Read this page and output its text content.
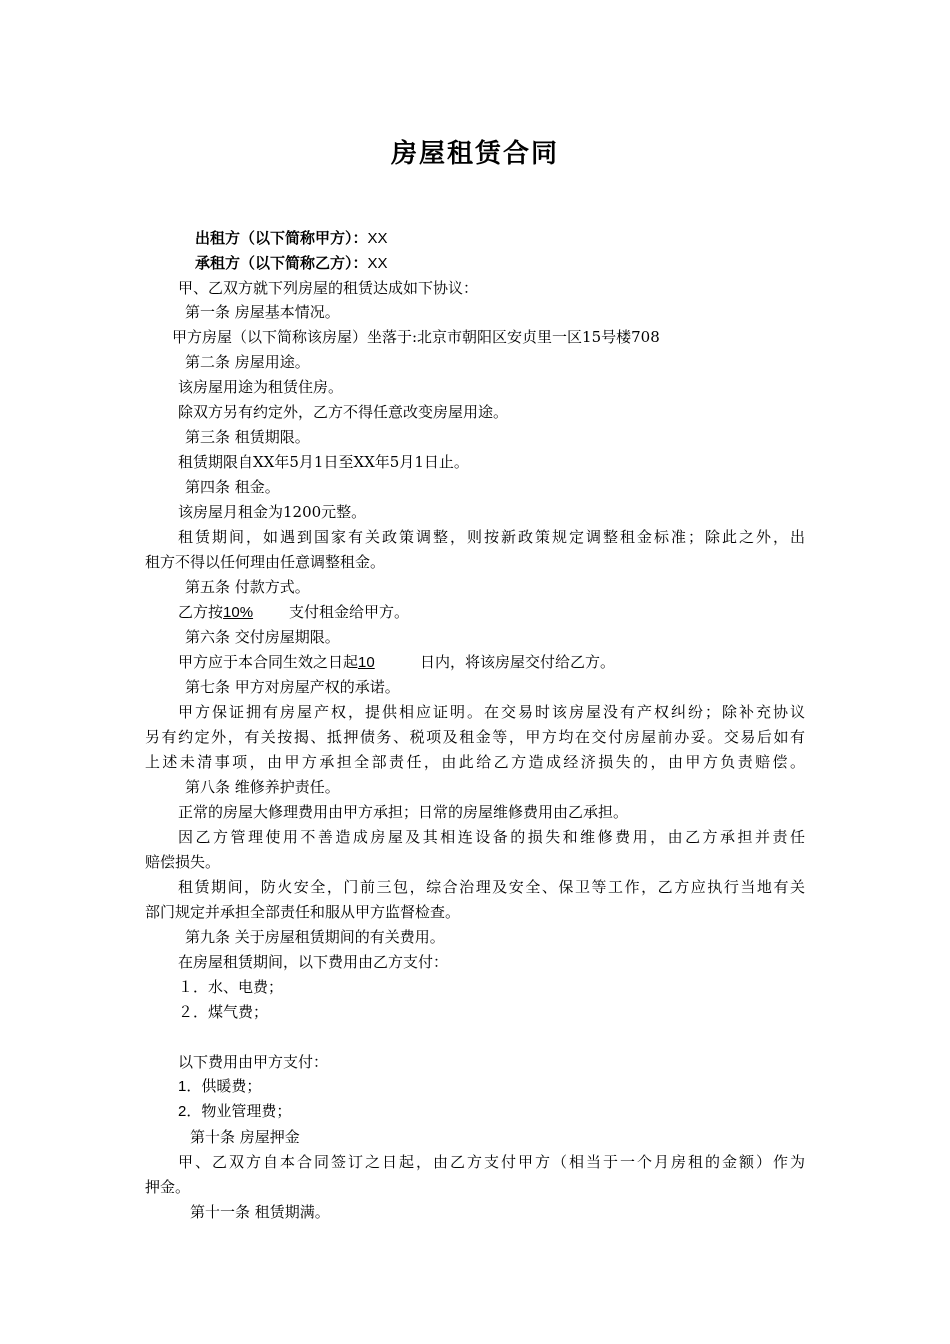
房屋租赁合同
出租方（以下简称甲方）：XX
承租方（以下简称乙方）：XX
甲、乙双方就下列房屋的租赁达成如下协议：
第一条 房屋基本情况。
甲方房屋（以下简称该房屋）坐落于:北京市朝阳区安贞里一区15号楼708
第二条 房屋用途。
该房屋用途为租赁住房。
除双方另有约定外，乙方不得任意改变房屋用途。
第三条 租赁期限。
租赁期限自XX年5月1日至XX年5月1日止。
第四条 租金。
该房屋月租金为1200元整。
租赁期间，如遇到国家有关政策调整，则按新政策规定调整租金标准；除此之外，出
租方不得以任何理由任意调整租金。
第五条 付款方式。
乙方按10%支付租金给甲方。
第六条 交付房屋期限。
甲方应于本合同生效之日起10	日内，将该房屋交付给乙方。
第七条 甲方对房屋产权的承诺。
甲方保证拥有房屋产权，提供相应证明。在交易时该房屋没有产权纠纷；除补充协议
另有约定外，有关按揭、抵押债务、税项及租金等，甲方均在交付房屋前办妥。交易后如有
上述未清事项，由甲方承担全部责任，由此给乙方造成经济损失的，由甲方负责赔偿。
第八条 维修养护责任。
正常的房屋大修理费用由甲方承担；日常的房屋维修费用由乙承担。
因乙方管理使用不善造成房屋及其相连设备的损失和维修费用，由乙方承担并责任
赔偿损失。
租赁期间，防火安全，门前三包，综合治理及安全、保卫等工作，乙方应执行当地有关
部门规定并承担全部责任和服从甲方监督检查。
第九条 关于房屋租赁期间的有关费用。
在房屋租赁期间，以下费用由乙方支付：
１．水、电费；
２．煤气费；
以下费用由甲方支付：
1．供暖费；
2．物业管理费；
第十条 房屋押金
甲、乙双方自本合同签订之日起，由乙方支付甲方（相当于一个月房租的金额）作为
押金。
第十一条 租赁期满。
